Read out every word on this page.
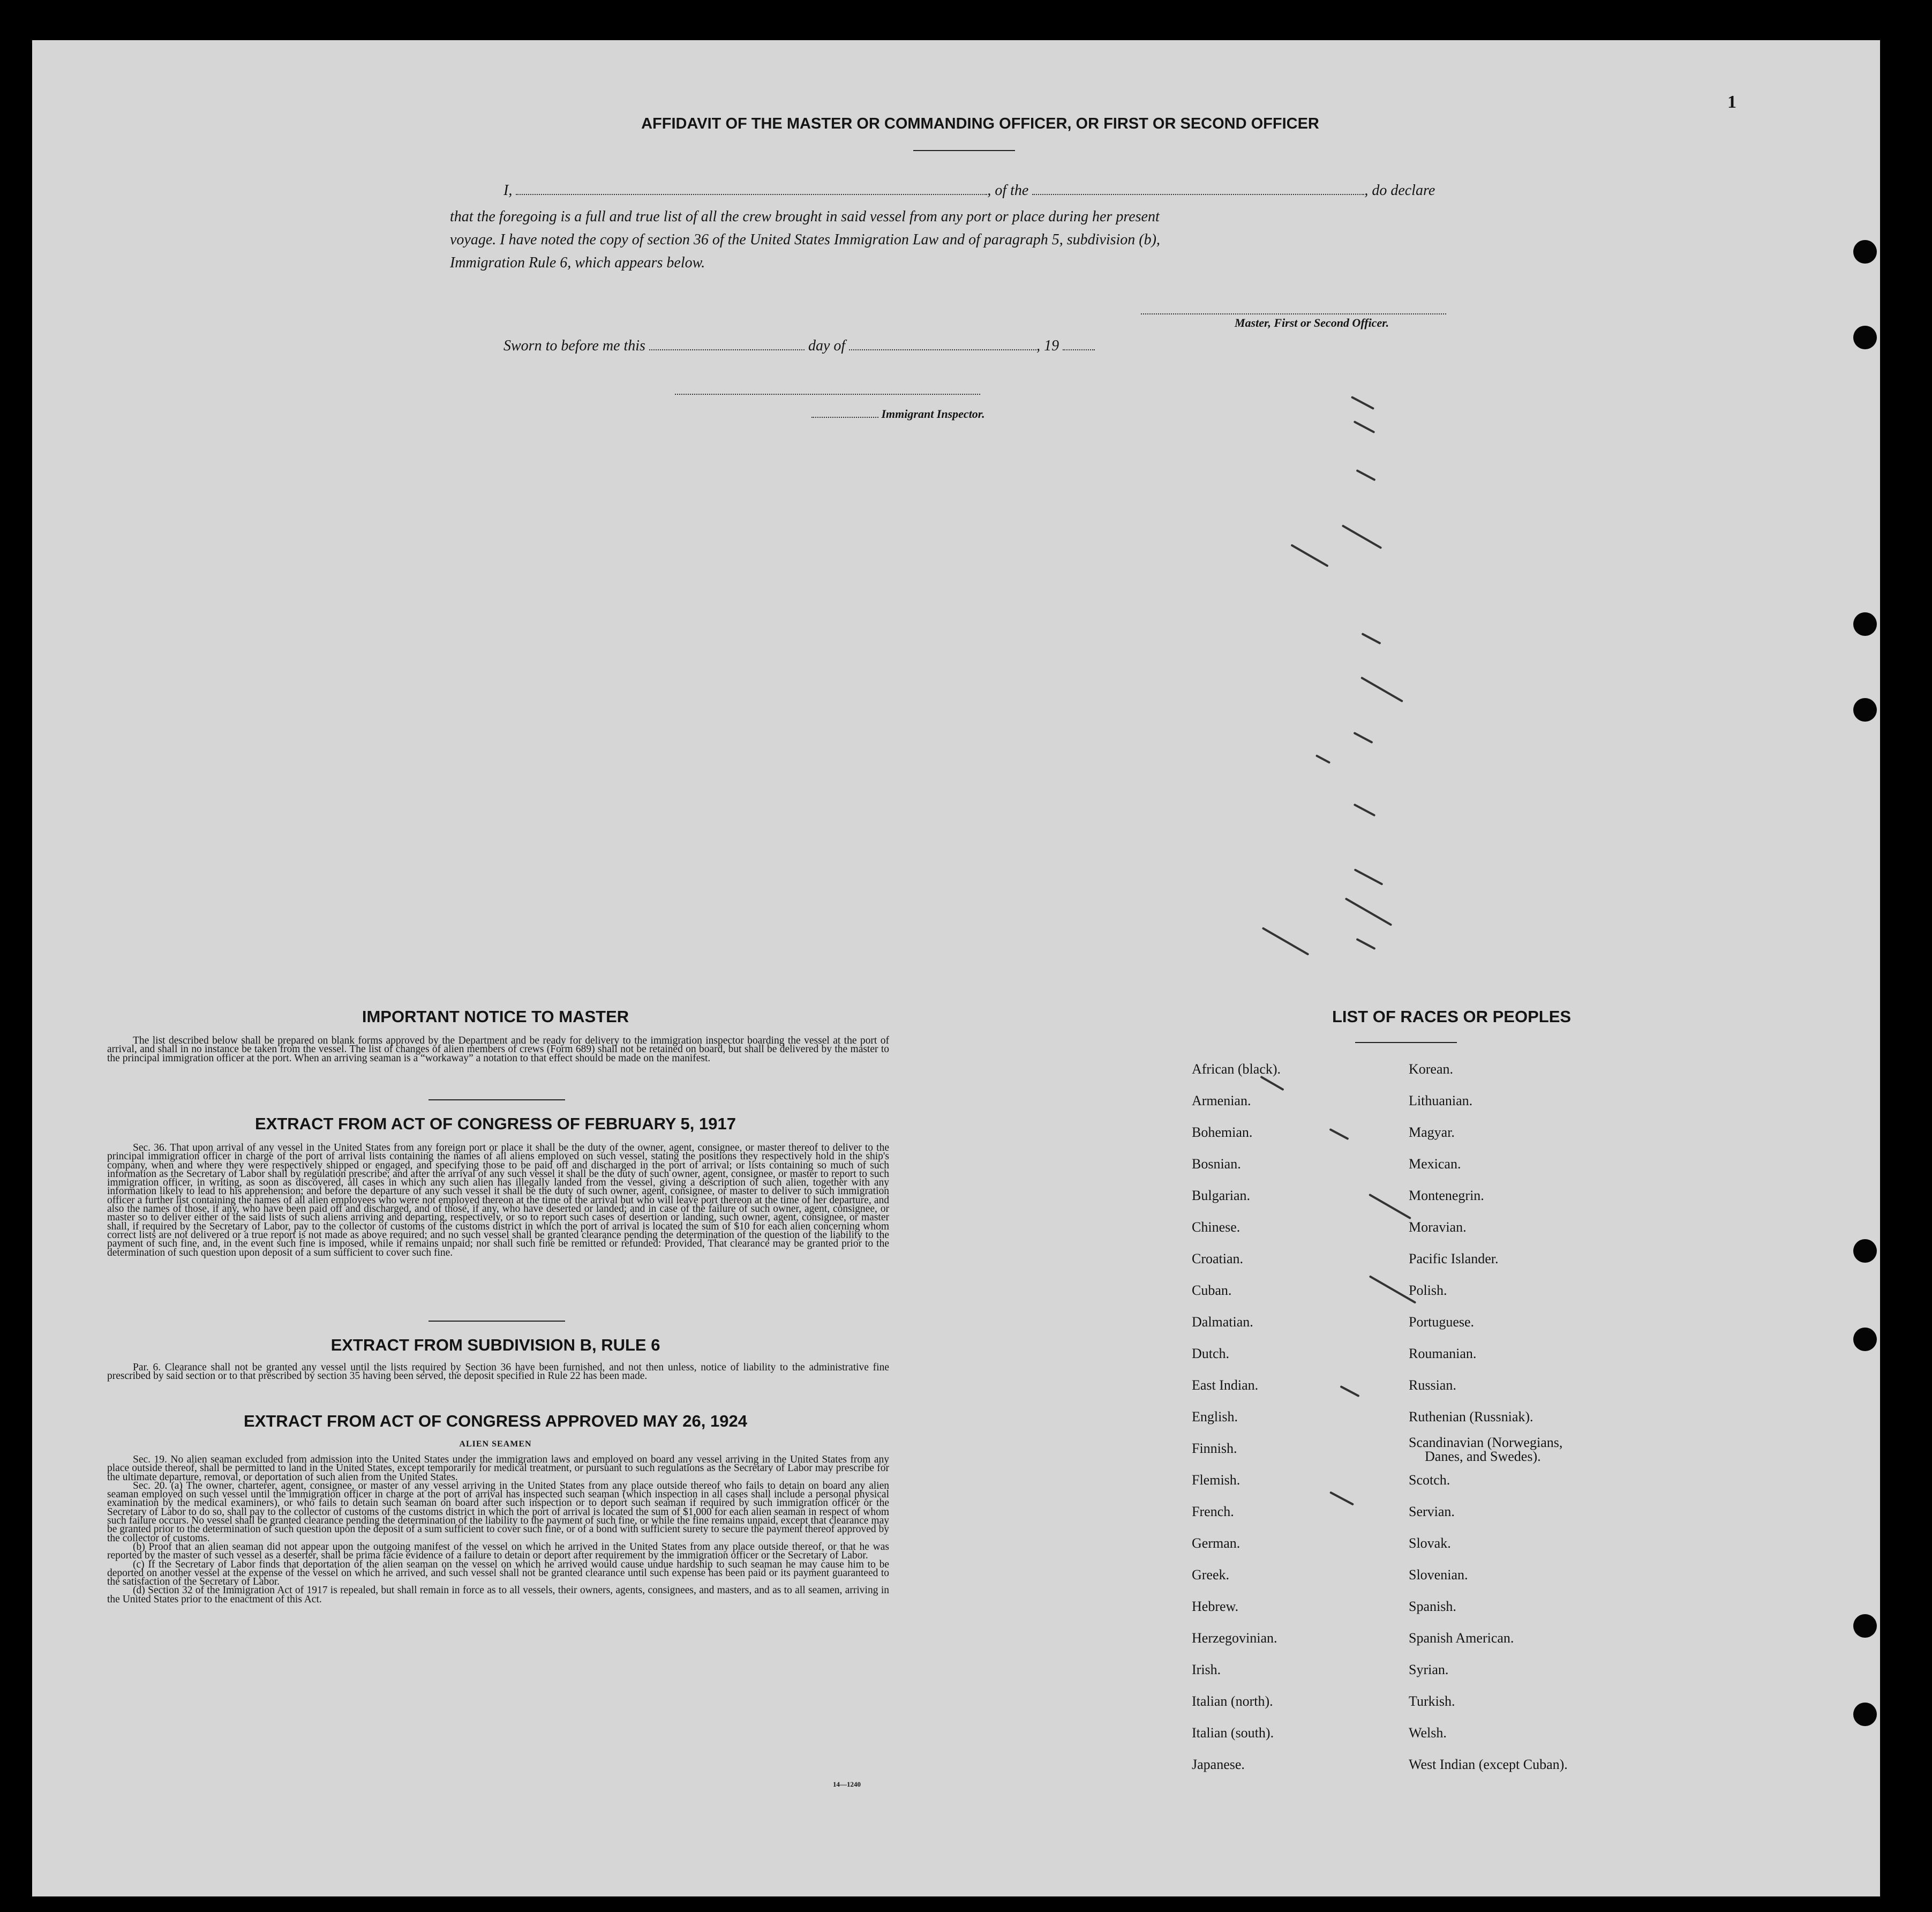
AFFIDAVIT OF THE MASTER OR COMMANDING OFFICER, OR FIRST OR SECOND OFFICER
I,	, of the	, do declare
that the foregoing is a full and true list of all the crew brought in said vessel from any port or place during her present
voyage. I have noted the copy of section 36 of the United States Immigration Law and of paragraph 5, subdivision (b),
Immigration Rule 6, which appears below.
Master, First or Second Officer.
Sworn to before me this	day of	, 19
Immigrant Inspector.
1
IMPORTANT NOTICE TO MASTER

The list described below shall be prepared on blank forms approved by the Department and be ready for delivery to the immigration inspector boarding the vessel at the port of arrival, and shall in no instance be taken from the vessel. The list of changes of alien members of crews (Form 689) shall not be retained on board, but shall be delivered by the master to the principal immigration officer at the port. When an arriving seaman is a “workaway” a notation to that effect should be made on the manifest.

EXTRACT FROM ACT OF CONGRESS OF FEBRUARY 5, 1917

Sec. 36. That upon arrival of any vessel in the United States from any foreign port or place it shall be the duty of the owner, agent, consignee, or master thereof to deliver to the principal immigration officer in charge of the port of arrival lists containing the names of all aliens employed on such vessel, stating the positions they respectively hold in the ship's company, when and where they were respectively shipped or engaged, and specifying those to be paid off and discharged in the port of arrival; or lists containing so much of such information as the Secretary of Labor shall by regulation prescribe; and after the arrival of any such vessel it shall be the duty of such owner, agent, consignee, or master to report to such immigration officer, in writing, as soon as discovered, all cases in which any such alien has illegally landed from the vessel, giving a description of such alien, together with any information likely to lead to his apprehension; and before the departure of any such vessel it shall be the duty of such owner, agent, consignee, or master to deliver to such immigration officer a further list containing the names of all alien employees who were not employed thereon at the time of the arrival but who will leave port thereon at the time of her departure, and also the names of those, if any, who have been paid off and discharged, and of those, if any, who have deserted or landed; and in case of the failure of such owner, agent, consignee, or master so to deliver either of the said lists of such aliens arriving and departing, respectively, or so to report such cases of desertion or landing, such owner, agent, consignee, or master shall, if required by the Secretary of Labor, pay to the collector of customs of the customs district in which the port of arrival is located the sum of $10 for each alien concerning whom correct lists are not delivered or a true report is not made as above required; and no such vessel shall be granted clearance pending the determination of the question of the liability to the payment of such fine, and, in the event such fine is imposed, while it remains unpaid; nor shall such fine be remitted or refunded: Provided, That clearance may be granted prior to the determination of such question upon deposit of a sum sufficient to cover such fine.

EXTRACT FROM SUBDIVISION B, RULE 6

Par. 6. Clearance shall not be granted any vessel until the lists required by Section 36 have been furnished, and not then unless, notice of liability to the administrative fine prescribed by said section or to that prescribed by section 35 having been served, the deposit specified in Rule 22 has been made.

EXTRACT FROM ACT OF CONGRESS APPROVED MAY 26, 1924
ALIEN SEAMEN

Sec. 19. No alien seaman excluded from admission into the United States under the immigration laws and employed on board any vessel arriving in the United States from any place outside thereof, shall be permitted to land in the United States, except temporarily for medical treatment, or pursuant to such regulations as the Secretary of Labor may prescribe for the ultimate departure, removal, or deportation of such alien from the United States.

Sec. 20. (a) The owner, charterer, agent, consignee, or master of any vessel arriving in the United States from any place outside thereof who fails to detain on board any alien seaman employed on such vessel until the immigration officer in charge at the port of arrival has inspected such seaman (which inspection in all cases shall include a personal physical examination by the medical examiners), or who fails to detain such seaman on board after such inspection or to deport such seaman if required by such immigration officer or the Secretary of Labor to do so, shall pay to the collector of customs of the customs district in which the port of arrival is located the sum of $1,000 for each alien seaman in respect of whom such failure occurs. No vessel shall be granted clearance pending the determination of the liability to the payment of such fine, or while the fine remains unpaid, except that clearance may be granted prior to the determination of such question upon the deposit of a sum sufficient to cover such fine, or of a bond with sufficient surety to secure the payment thereof approved by the collector of customs.

(b) Proof that an alien seaman did not appear upon the outgoing manifest of the vessel on which he arrived in the United States from any place outside thereof, or that he was reported by the master of such vessel as a deserter, shall be prima facie evidence of a failure to detain or deport after requirement by the immigration officer or the Secretary of Labor.

(c) If the Secretary of Labor finds that deportation of the alien seaman on the vessel on which he arrived would cause undue hardship to such seaman he may cause him to be deported on another vessel at the expense of the vessel on which he arrived, and such vessel shall not be granted clearance until such expense has been paid or its payment guaranteed to the satisfaction of the Secretary of Labor.

(d) Section 32 of the Immigration Act of 1917 is repealed, but shall remain in force as to all vessels, their owners, agents, consignees, and masters, and as to all seamen, arriving in the United States prior to the enactment of this Act.

14—1240
LIST OF RACES OR PEOPLES
African (black).
Armenian.
Bohemian.
Bosnian.
Bulgarian.
Chinese.
Croatian.
Cuban.
Dalmatian.
Dutch.
East Indian.
English.
Finnish.
Flemish.
French.
German.
Greek.
Hebrew.
Herzegovinian.
Irish.
Italian (north).
Italian (south).
Japanese.
Korean.
Lithuanian.
Magyar.
Mexican.
Montenegrin.
Moravian.
Pacific Islander.
Polish.
Portuguese.
Roumanian.
Russian.
Ruthenian (Russniak).
Scandinavian (Norwegians,
Danes, and Swedes).
Scotch.
Servian.
Slovak.
Slovenian.
Spanish.
Spanish American.
Syrian.
Turkish.
Welsh.
West Indian (except Cuban).
